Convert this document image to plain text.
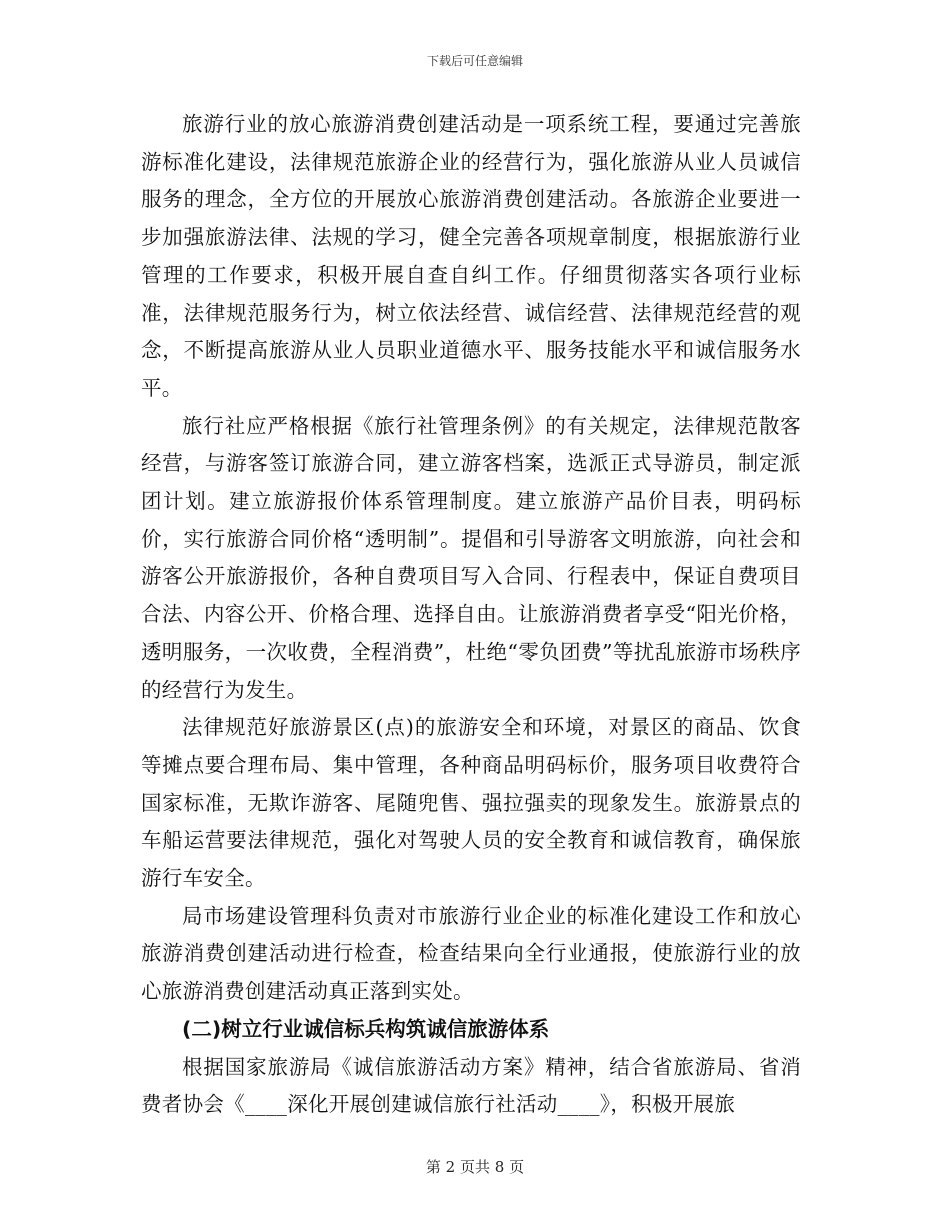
下载后可任意编辑

旅游行业的放心旅游消费创建活动是一项系统工程，要通过完善旅游标准化建设，法律规范旅游企业的经营行为，强化旅游从业人员诚信服务的理念，全方位的开展放心旅游消费创建活动。各旅游企业要进一步加强旅游法律、法规的学习，健全完善各项规章制度，根据旅游行业管理的工作要求，积极开展自查自纠工作。仔细贯彻落实各项行业标准，法律规范服务行为，树立依法经营、诚信经营、法律规范经营的观念，不断提高旅游从业人员职业道德水平、服务技能水平和诚信服务水平。

旅行社应严格根据《旅行社管理条例》的有关规定，法律规范散客经营，与游客签订旅游合同，建立游客档案，选派正式导游员，制定派团计划。建立旅游报价体系管理制度。建立旅游产品价目表，明码标价，实行旅游合同价格“透明制”。提倡和引导游客文明旅游，向社会和游客公开旅游报价，各种自费项目写入合同、行程表中，保证自费项目合法、内容公开、价格合理、选择自由。让旅游消费者享受“阳光价格，透明服务，一次收费，全程消费”，杜绝“零负团费”等扰乱旅游市场秩序的经营行为发生。

法律规范好旅游景区(点)的旅游安全和环境，对景区的商品、饮食等摊点要合理布局、集中管理，各种商品明码标价，服务项目收费符合国家标准，无欺诈游客、尾随兜售、强拉强卖的现象发生。旅游景点的车船运营要法律规范，强化对驾驶人员的安全教育和诚信教育，确保旅游行车安全。

局市场建设管理科负责对市旅游行业企业的标准化建设工作和放心旅游消费创建活动进行检查，检查结果向全行业通报，使旅游行业的放心旅游消费创建活动真正落到实处。

(二)树立行业诚信标兵构筑诚信旅游体系

根据国家旅游局《诚信旅游活动方案》精神，结合省旅游局、省消费者协会《____深化开展创建诚信旅行社活动____》，积极开展旅

第 2 页共 8 页
